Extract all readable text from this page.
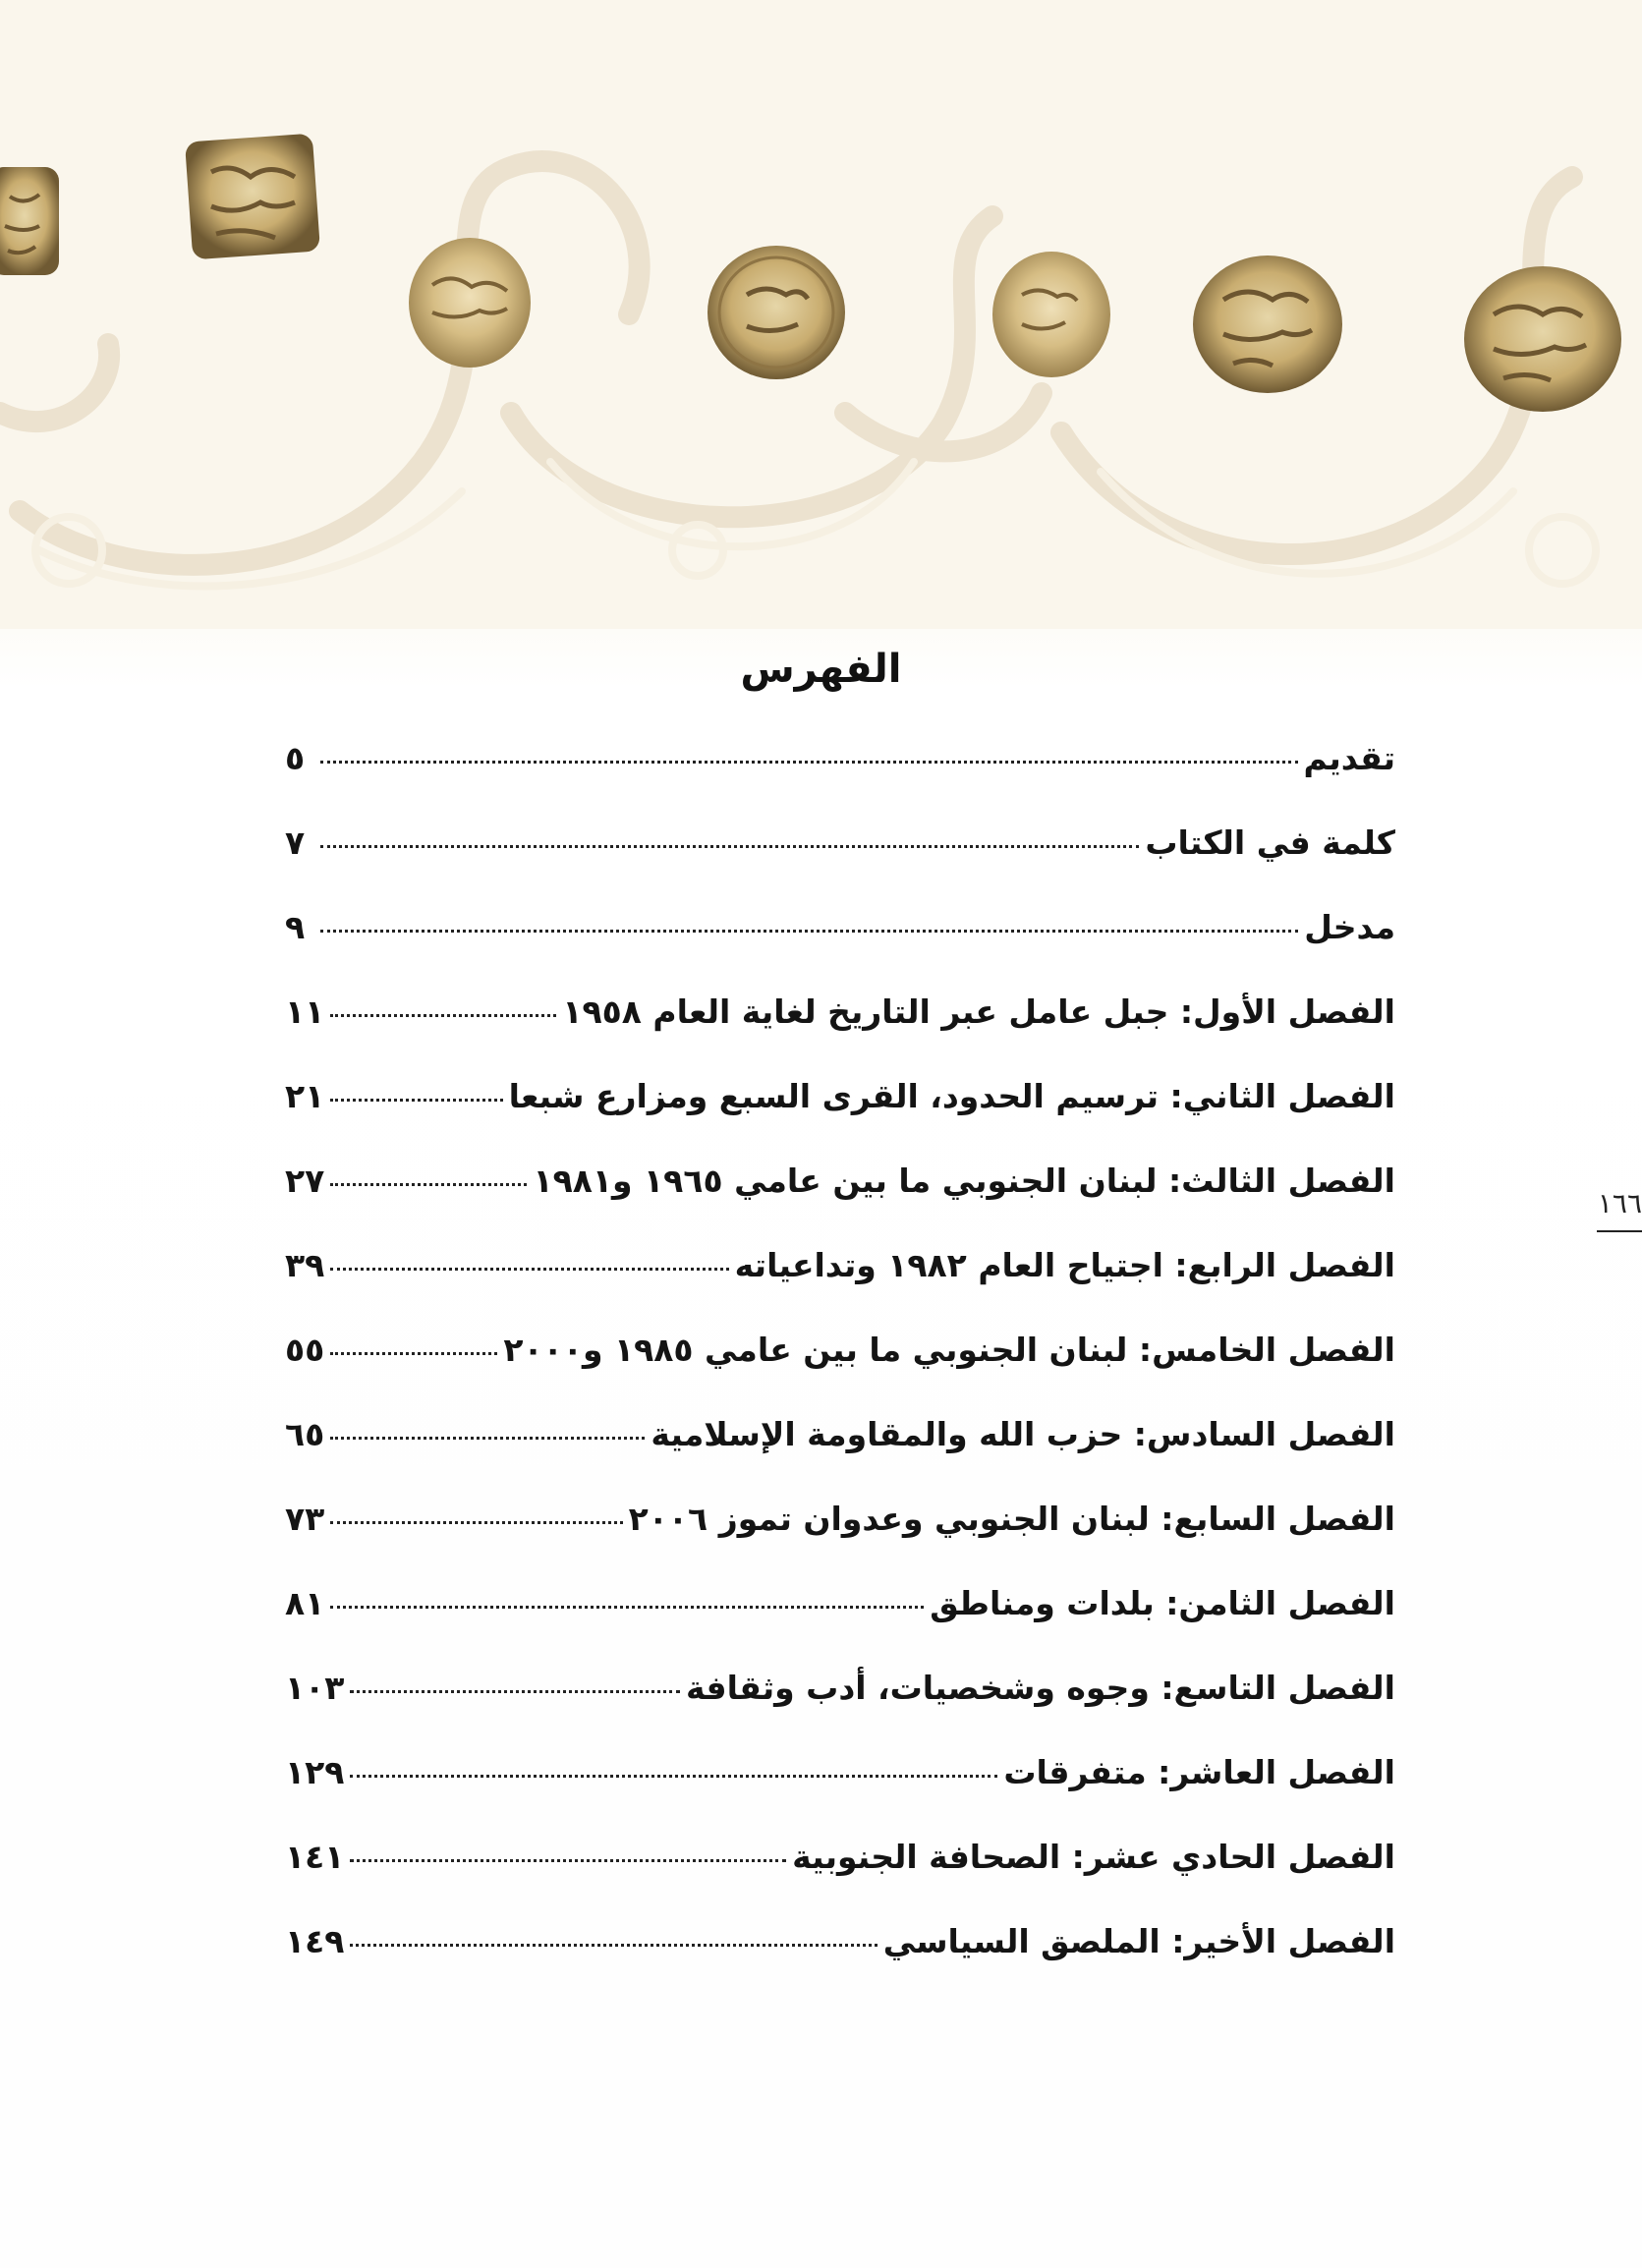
الفهرس
تقديم
٥
كلمة في الكتاب
٧
مدخل
٩
الفصل الأول: جبل عامل عبر التاريخ لغاية العام ١٩٥٨
١١
الفصل الثاني: ترسيم الحدود، القرى السبع ومزارع شبعا
٢١
الفصل الثالث: لبنان الجنوبي ما بين عامي ١٩٦٥ و١٩٨١
٢٧
الفصل الرابع: اجتياح العام ١٩٨٢ وتداعياته
٣٩
الفصل الخامس: لبنان الجنوبي ما بين عامي ١٩٨٥ و٢٠٠٠
٥٥
الفصل السادس: حزب الله والمقاومة الإسلامية
٦٥
الفصل السابع: لبنان الجنوبي وعدوان تموز ٢٠٠٦
٧٣
الفصل الثامن: بلدات ومناطق
٨١
الفصل التاسع: وجوه وشخصيات، أدب وثقافة
١٠٣
الفصل العاشر: متفرقات
١٢٩
الفصل الحادي عشر: الصحافة الجنوبية
١٤١
الفصل الأخير: الملصق السياسي
١٤٩
١٦٦
